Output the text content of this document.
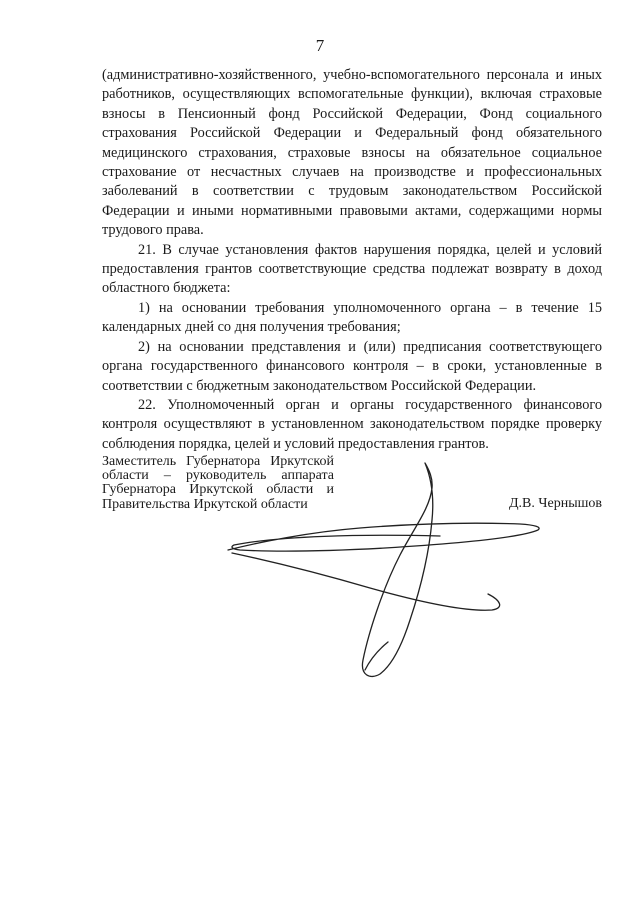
7

(административно-хозяйственного, учебно-вспомогательного персонала и иных работников, осуществляющих вспомогательные функции), включая страховые взносы в Пенсионный фонд Российской Федерации, Фонд социального страхования Российской Федерации и Федеральный фонд обязательного медицинского страхования, страховые взносы на обязательное социальное страхование от несчастных случаев на производстве и профессиональных заболеваний в соответствии с трудовым законодательством Российской Федерации и иными нормативными правовыми актами, содержащими нормы трудового права.

21. В случае установления фактов нарушения порядка, целей и условий предоставления грантов соответствующие средства подлежат возврату в доход областного бюджета:

1) на основании требования уполномоченного органа – в течение 15 календарных дней со дня получения требования;

2) на основании представления и (или) предписания соответствующего органа государственного финансового контроля – в сроки, установленные в соответствии с бюджетным законодательством Российской Федерации.

22. Уполномоченный орган и органы государственного финансового контроля осуществляют в установленном законодательством порядке проверку соблюдения порядка, целей и условий предоставления грантов.

Заместитель Губернатора Иркутской
области – руководитель аппарата
Губернатора Иркутской области и
Правительства Иркутской области	Д.В. Чернышов
